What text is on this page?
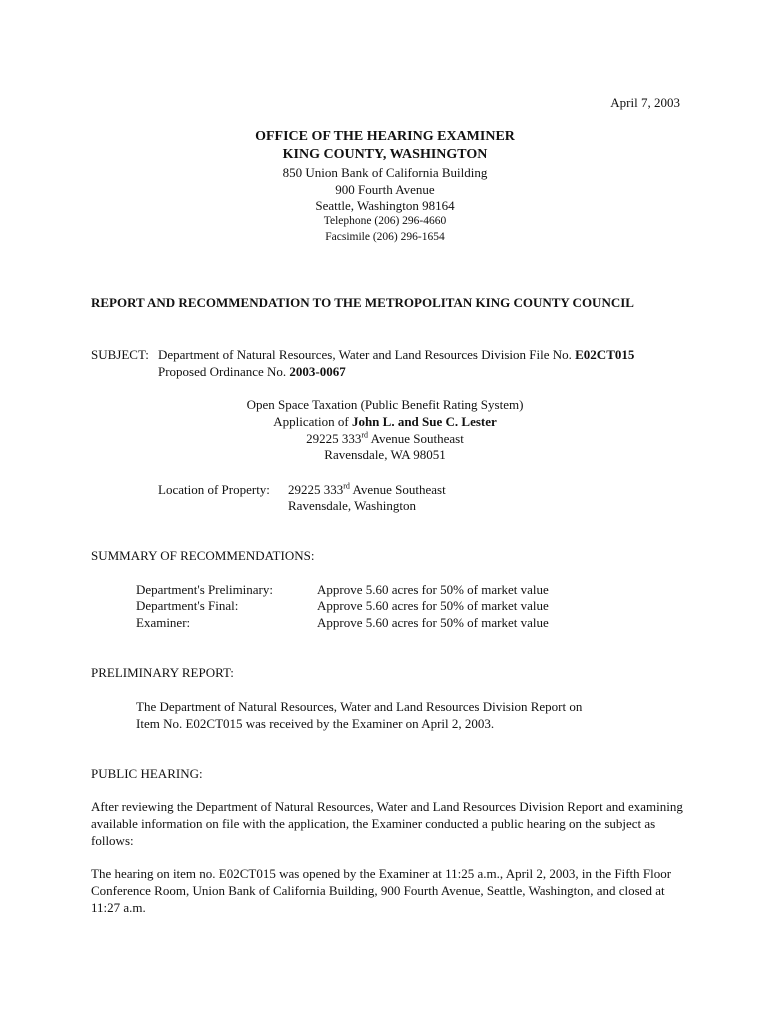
April 7, 2003
OFFICE OF THE HEARING EXAMINER
KING COUNTY, WASHINGTON
850 Union Bank of California Building
900 Fourth Avenue
Seattle, Washington 98164
Telephone (206) 296-4660
Facsimile (206) 296-1654
REPORT AND RECOMMENDATION TO THE METROPOLITAN KING COUNTY COUNCIL
SUBJECT: Department of Natural Resources, Water and Land Resources Division File No. E02CT015
Proposed Ordinance No. 2003-0067
Open Space Taxation (Public Benefit Rating System)
Application of John L. and Sue C. Lester
29225 333rd Avenue Southeast
Ravensdale, WA 98051
Location of Property: 29225 333rd Avenue Southeast
Ravensdale, Washington
SUMMARY OF RECOMMENDATIONS:
Department's Preliminary:	Approve 5.60 acres for 50% of market value
Department's Final:	Approve 5.60 acres for 50% of market value
Examiner:	Approve 5.60 acres for 50% of market value
PRELIMINARY REPORT:
The Department of Natural Resources, Water and Land Resources Division Report on
Item No. E02CT015 was received by the Examiner on April 2, 2003.
PUBLIC HEARING:
After reviewing the Department of Natural Resources, Water and Land Resources Division Report and examining available information on file with the application, the Examiner conducted a public hearing on the subject as follows:
The hearing on item no. E02CT015 was opened by the Examiner at 11:25 a.m., April 2, 2003, in the Fifth Floor Conference Room, Union Bank of California Building, 900 Fourth Avenue, Seattle, Washington, and closed at 11:27 a.m.
